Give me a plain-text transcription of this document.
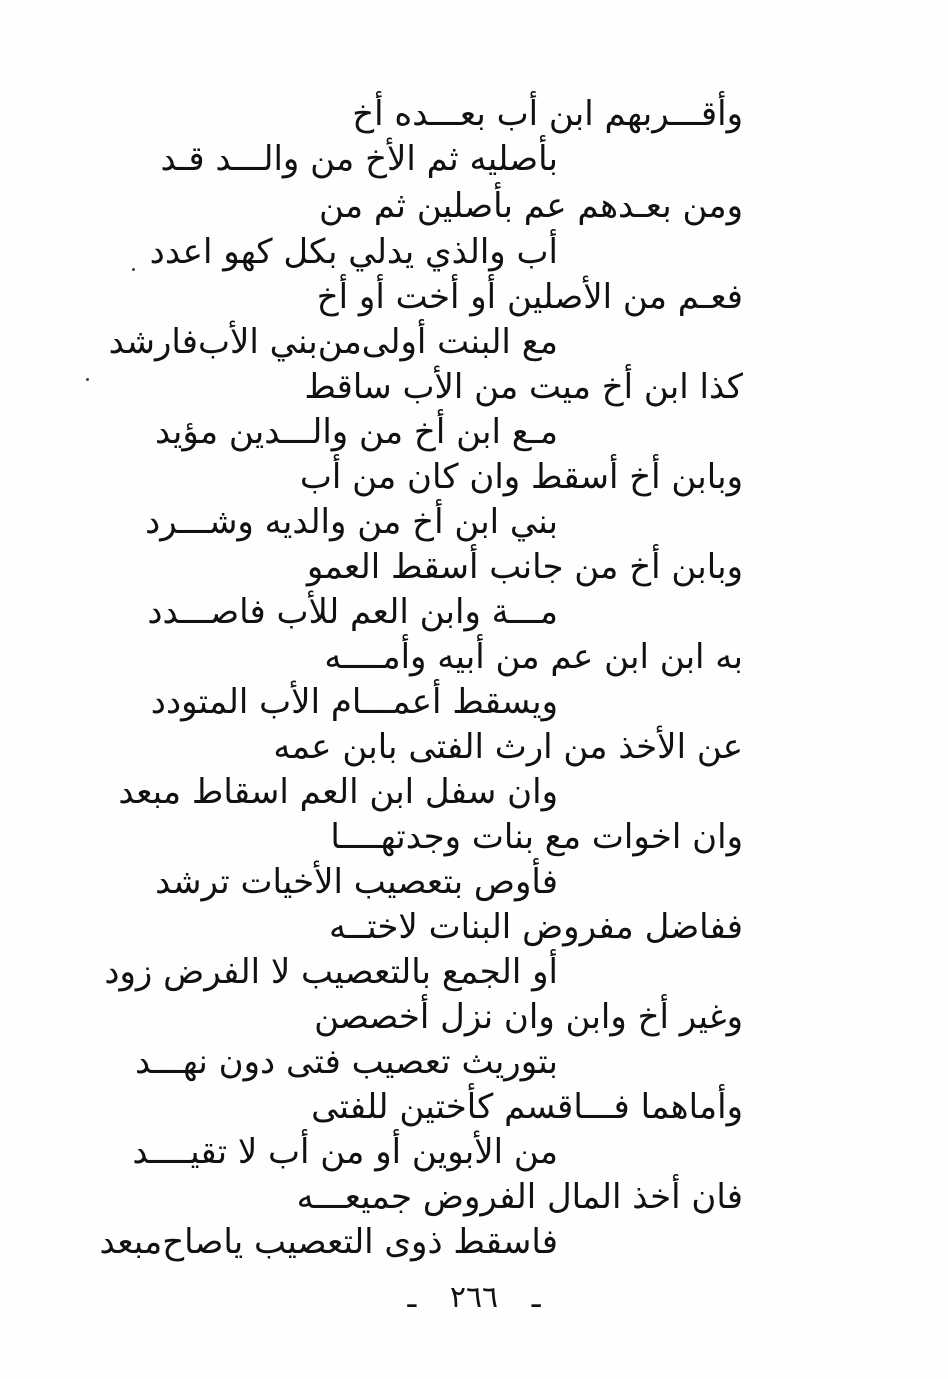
وأقـــربهم ابن أب بعـــده أخ
بأصليه ثم الأخ من والـــد قـد
ومن بعـدهم عم بأصلين ثم من
أب والذي يدلي بكل كهو اعدد
فعـم من الأصلين أو أخت أو أخ
مع البنت أولى‌من‌بني الأب‌فارشد
كذا ابن أخ ميت من الأب ساقط
مـع ابن أخ من والـــدين مؤيد
وبابن أخ أسقط وان كان من أب
بني ابن أخ من والديه وشـــرد
وبابن أخ من جانب أسقط العمو
مـــة وابن العم للأب فاصـــدد
به ابن ابن عم من أبيه وأمــــه
ويسقط أعمـــام الأب المتودد
عن الأخذ من ارث الفتى بابن عمه
وان سفل ابن العم اسقاط مبعد
وان اخوات مع بنات وجدتهــــا
فأوص بتعصيب الأخيات ترشد
ففاضل مفروض البنات لاختــه
أو الجمع بالتعصيب لا الفرض زود
وغير أخ وابن وان نزل أخصصن
بتوريث تعصيب فتى دون نهـــد
وأماهما فـــاقسم كأختين للفتى
من الأبوين أو من أب لا تقيــــد
فان أخذ المال الفروض جميعـــه
فاسقط ذوى التعصيب ياصاح‌مبعد
ـ ٢٦٦ ـ
